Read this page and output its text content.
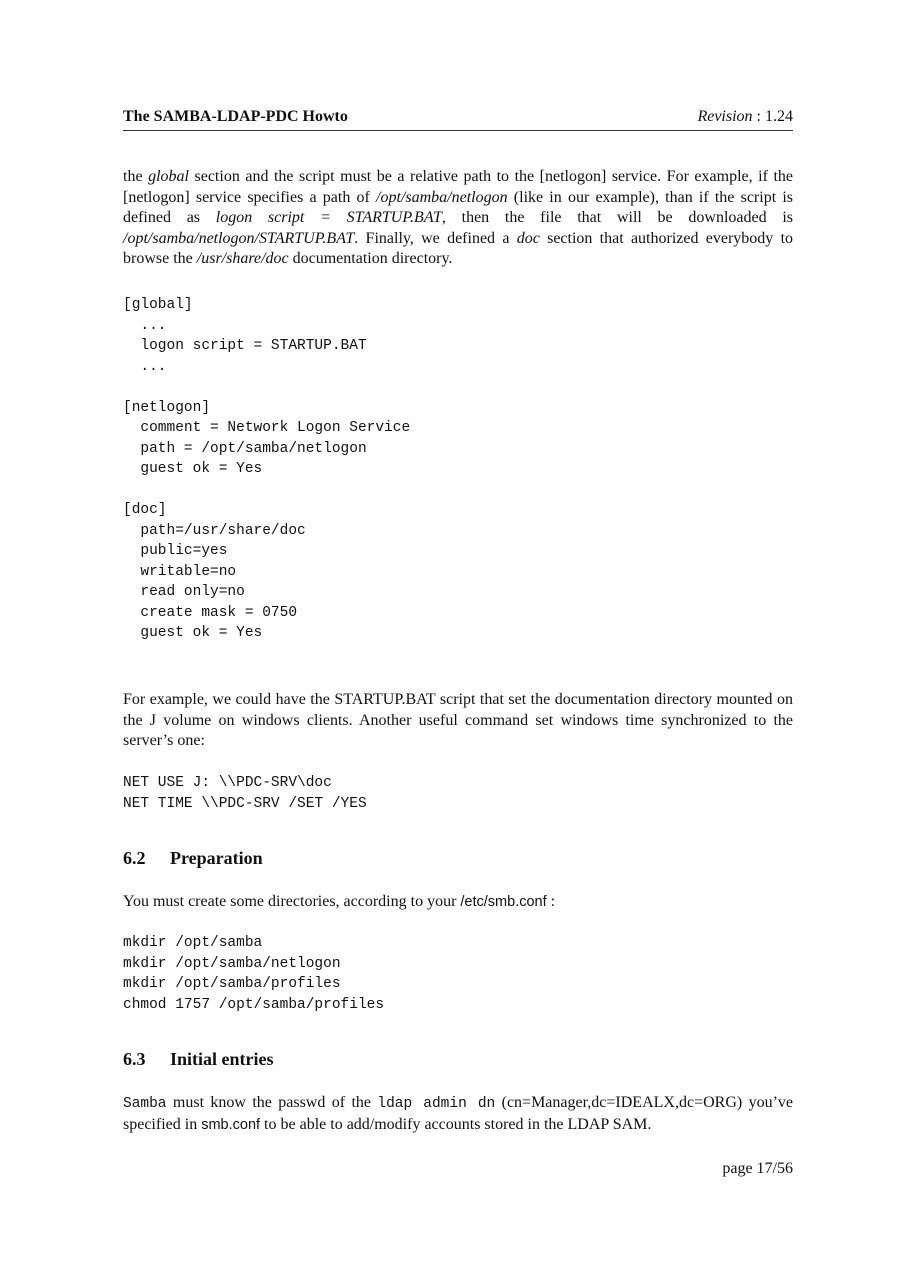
The SAMBA-LDAP-PDC Howto	Revision : 1.24
the global section and the script must be a relative path to the [netlogon] service. For example, if the [netlogon] service specifies a path of /opt/samba/netlogon (like in our example), than if the script is defined as logon script = STARTUP.BAT, then the file that will be downloaded is /opt/samba/netlogon/STARTUP.BAT. Finally, we defined a doc section that authorized everybody to browse the /usr/share/doc documentation directory.
[global]
...
logon script = STARTUP.BAT
...

[netlogon]
comment = Network Logon Service
path = /opt/samba/netlogon
guest ok = Yes

[doc]
path=/usr/share/doc
public=yes
writable=no
read only=no
create mask = 0750
guest ok = Yes
For example, we could have the STARTUP.BAT script that set the documentation directory mounted on the J volume on windows clients. Another useful command set windows time synchronized to the server’s one:
NET USE J: \\PDC-SRV\doc
NET TIME \\PDC-SRV /SET /YES
6.2 Preparation
You must create some directories, according to your /etc/smb.conf :
mkdir /opt/samba
mkdir /opt/samba/netlogon
mkdir /opt/samba/profiles
chmod 1757 /opt/samba/profiles
6.3 Initial entries
Samba must know the passwd of the ldap admin dn (cn=Manager,dc=IDEALX,dc=ORG) you’ve specified in smb.conf to be able to add/modify accounts stored in the LDAP SAM.
page 17/56
